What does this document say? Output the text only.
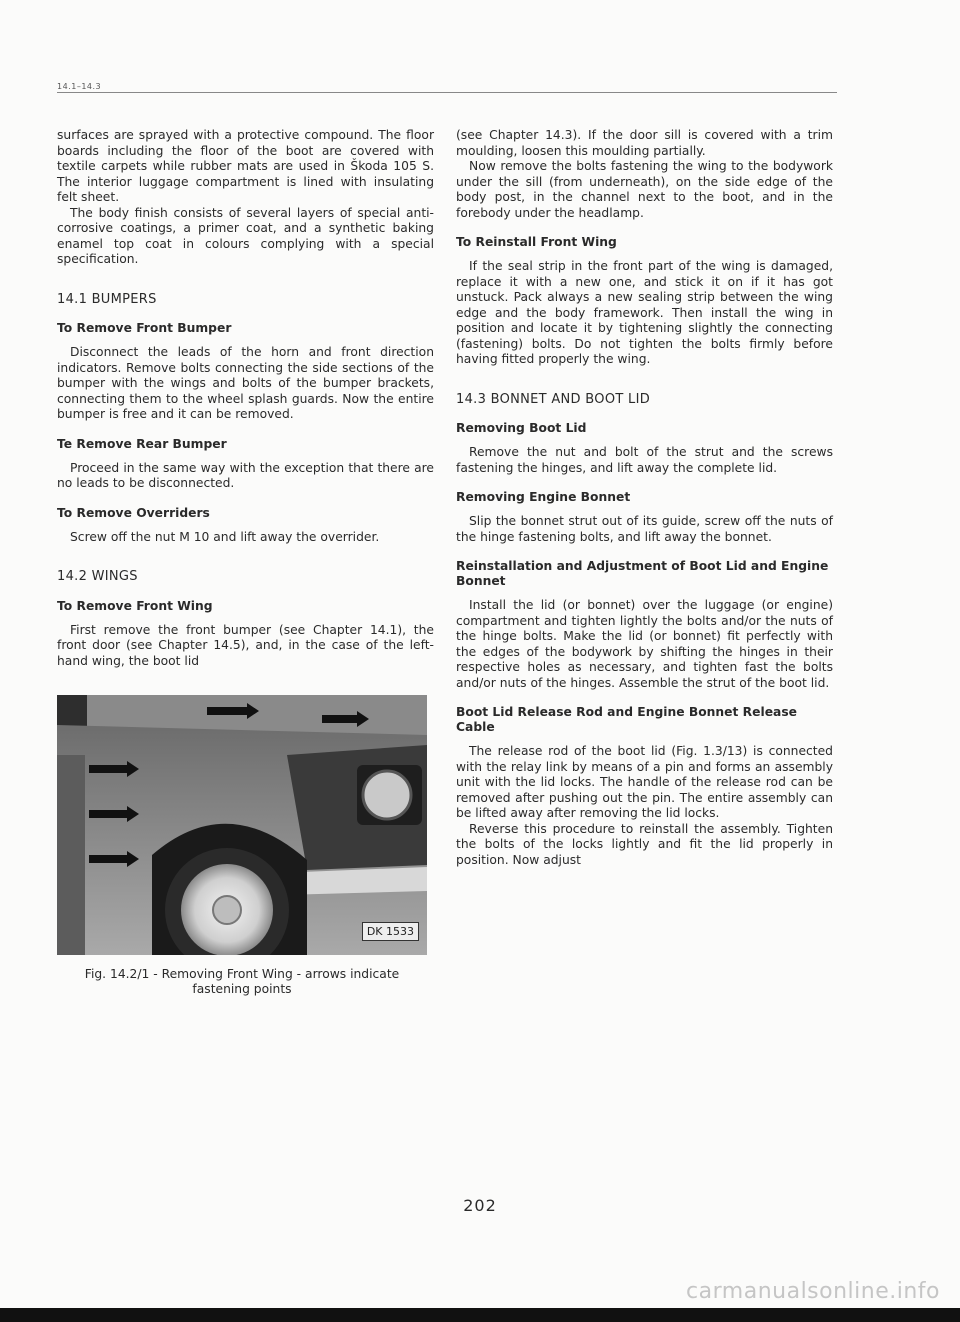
14.1–14.3

surfaces are sprayed with a protective compound. The floor boards including the floor of the boot are covered with textile carpets while rubber mats are used in Škoda 105 S. The interior luggage compartment is lined with insulating felt sheet.

The body finish consists of several layers of special anti-corrosive coatings, a primer coat, and a synthetic baking enamel top coat in colours complying with a special specification.

14.1 BUMPERS
To Remove Front Bumper

Disconnect the leads of the horn and front direction indicators. Remove bolts connecting the side sections of the bumper with the wings and bolts of the bumper brackets, connecting them to the wheel splash guards. Now the entire bumper is free and it can be removed.

Te Remove Rear Bumper

Proceed in the same way with the exception that there are no leads to be disconnected.

To Remove Overriders

Screw off the nut M 10 and lift away the overrider.

14.2 WINGS
To Remove Front Wing

First remove the front bumper (see Chapter 14.1), the front door (see Chapter 14.5), and, in the case of the left-hand wing, the boot lid

DK 1533
Fig. 14.2/1 - Removing Front Wing - arrows indicate fastening points

(see Chapter 14.3). If the door sill is covered with a trim moulding, loosen this moulding partially.

Now remove the bolts fastening the wing to the bodywork under the sill (from underneath), on the side edge of the body post, in the channel next to the boot, and in the forebody under the headlamp.

To Reinstall Front Wing

If the seal strip in the front part of the wing is damaged, replace it with a new one, and stick it on if it has got unstuck. Pack always a new sealing strip between the wing edge and the body framework. Then install the wing in position and locate it by tightening slightly the connecting (fastening) bolts. Do not tighten the bolts firmly before having fitted properly the wing.

14.3 BONNET AND BOOT LID
Removing Boot Lid

Remove the nut and bolt of the strut and the screws fastening the hinges, and lift away the complete lid.

Removing Engine Bonnet

Slip the bonnet strut out of its guide, screw off the nuts of the hinge fastening bolts, and lift away the bonnet.

Reinstallation and Adjustment of Boot Lid and Engine Bonnet

Install the lid (or bonnet) over the luggage (or engine) compartment and tighten lightly the bolts and/or the nuts of the hinge bolts. Make the lid (or bonnet) fit perfectly with the edges of the bodywork by shifting the hinges in their respective holes as necessary, and tighten fast the bolts and/or nuts of the hinges. Assemble the strut of the boot lid.

Boot Lid Release Rod and Engine Bonnet Release Cable

The release rod of the boot lid (Fig. 1.3/13) is connected with the relay link by means of a pin and forms an assembly unit with the lid locks. The handle of the release rod can be removed after pushing out the pin. The entire assembly can be lifted away after removing the lid locks.

Reverse this procedure to reinstall the assembly. Tighten the bolts of the locks lightly and fit the lid properly in position. Now adjust

202
carmanualsonline.info
